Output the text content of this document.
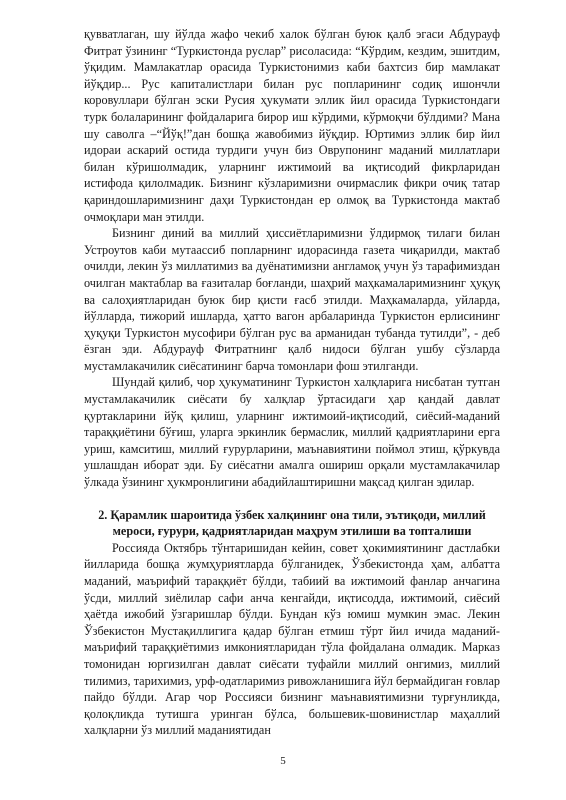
қувватлаган, шу йўлда жафо чекиб халок бўлган буюк қалб эгаси Абдурауф Фитрат ўзининг “Туркистонда руслар” рисоласида: “Кўрдим, кездим, эшитдим, ўқидим. Мамлакатлар орасида Туркистонимиз каби бахтсиз бир мамлакат йўқдир... Рус капиталистлари билан рус попларининг содиқ ишончли коровуллари бўлган эски Русия ҳукумати эллик йил орасида Туркистондаги турк болаларининг фойдаларига бирор иш кўрдими, кўрмоқчи бўлдими? Мана шу саволга –“Йўқ!”дан бошқа жавобимиз йўқдир. Юртимиз эллик бир йил идораи аскарий остида турдиги учун биз Оврупонинг маданий миллатлари билан кўришолмадик, уларнинг ижтимоий ва иқтисодий фикрларидан истифода қилолмадик. Бизнинг кўзларимизни очирмаслик фикри очиқ татар қариндошларимизнинг даҳи Туркистондан ер олмоқ ва Туркистонда мактаб очмоқлари ман этилди.

Бизнинг диний ва миллий ҳиссиётларимизни ўлдирмоқ тилаги билан Устроутов каби мутаассиб попларнинг идорасинда газета чиқарилди, мактаб очилди, лекин ўз миллатимиз ва дуёнатимизни англамоқ учун ўз тарафимиздан очилган мактаблар ва ғазиталар боғланди, шаҳрий маҳкамаларимизнинг ҳуқуқ ва салоҳиятларидан буюк бир қисти ғасб этилди. Маҳкамаларда, уйларда, йўлларда, тижорий ишларда, ҳатто вагон арбаларинда Туркистон ерлисининг ҳуқуқи Туркистон мусофири бўлган рус ва арманидан тубанда тутилди”, - деб ёзган эди. Абдурауф Фитратнинг қалб нидоси бўлган ушбу сўзларда мустамлакачилик сиёсатининг барча томонлари фош этилганди.

Шундай қилиб, чор ҳукуматининг Туркистон халқларига нисбатан тутган мустамлакачилик сиёсати бу халқлар ўртасидаги ҳар қандай давлат қуртакларини йўқ қилиш, уларнинг ижтимоий-иқтисодий, сиёсий-маданий тараққиётини бўғиш, уларга эркинлик бермаслик, миллий қадриятларини ерга уриш, камситиш, миллий ғурурларини, маънавиятини поймол этиш, қўркувда ушлашдан иборат эди. Бу сиёсатни амалга ошириш орқали мустамлакачилар ўлкада ўзининг ҳукмронлигини абадийлаштиришни мақсад қилган эдилар.

2. Қарамлик шароитида ўзбек халқининг она тили, эътиқоди, миллий мероси, ғурури, қадриятларидан маҳрум этилиши ва топталиши

Россияда Октябрь тўнтаришидан кейин, совет ҳокимиятининг дастлабки йилларида бошқа жумҳуриятларда бўлганидек, Ўзбекистонда ҳам, албатта маданий, маърифий тараққиёт бўлди, табиий ва ижтимоий фанлар анчагина ўсди, миллий зиёлилар сафи анча кенгайди, иқтисодда, ижтимоий, сиёсий ҳаётда ижобий ўзгаришлар бўлди. Бундан кўз юмиш мумкин эмас. Лекин Ўзбекистон Мустақиллигига қадар бўлган етмиш тўрт йил ичида маданий-маърифий тараққиётимиз имкониятларидан тўла фойдалана олмадик. Марказ томонидан юргизилган давлат сиёсати туфайли миллий онгимиз, миллий тилимиз, тарихимиз, урф-одатларимиз ривожланишига йўл бермайдиган ғовлар пайдо бўлди. Агар чор Россияси бизнинг маънавиятимизни турғунликда, қолоқликда тутишга уринган бўлса, большевик-шовинистлар маҳаллий халқларни ўз миллий маданиятидан

5
